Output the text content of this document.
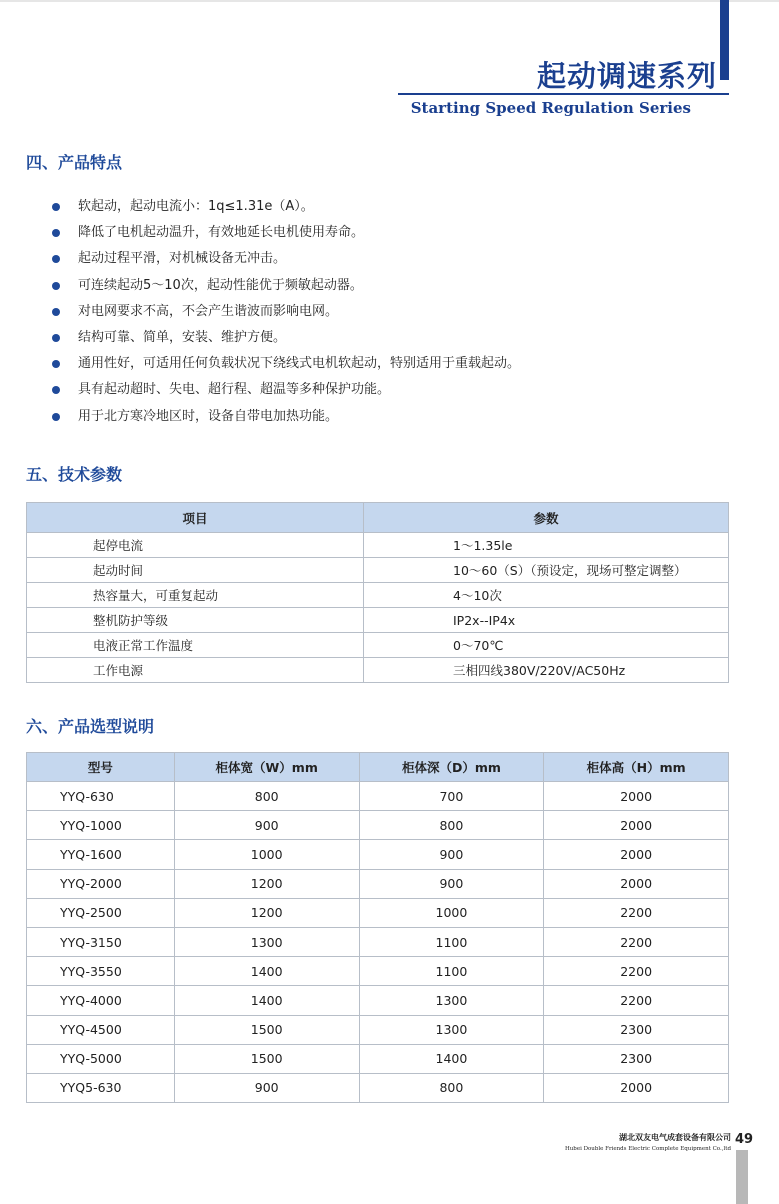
起动调速系列
Starting Speed Regulation Series
四、产品特点
软起动，起动电流小：1q≤1.31e（A）。
降低了电机起动温升，有效地延长电机使用寿命。
起动过程平滑，对机械设备无冲击。
可连续起动5～10次，起动性能优于频敏起动器。
对电网要求不高，不会产生谐波而影响电网。
结构可靠、简单，安装、维护方便。
通用性好，可适用任何负载状况下绕线式电机软起动，特别适用于重载起动。
具有起动超时、失电、超行程、超温等多种保护功能。
用于北方寒冷地区时，设备自带电加热功能。
五、技术参数
项目	参数
起停电流	1～1.35le
起动时间	10～60（S）（预设定，现场可整定调整）
热容量大，可重复起动	4～10次
整机防护等级	IP2x--IP4x
电液正常工作温度	0～70℃
工作电源	三相四线380V/220V/AC50Hz
六、产品选型说明
型号	柜体宽（W）mm	柜体深（D）mm	柜体高（H）mm
YYQ-630	800	700	2000
YYQ-1000	900	800	2000
YYQ-1600	1000	900	2000
YYQ-2000	1200	900	2000
YYQ-2500	1200	1000	2200
YYQ-3150	1300	1100	2200
YYQ-3550	1400	1100	2200
YYQ-4000	1400	1300	2200
YYQ-4500	1500	1300	2300
YYQ-5000	1500	1400	2300
YYQ5-630	900	800	2000
湖北双友电气成套设备有限公司
Hubei Double Friends Electric Complete Equipment Co.,ltd
49
